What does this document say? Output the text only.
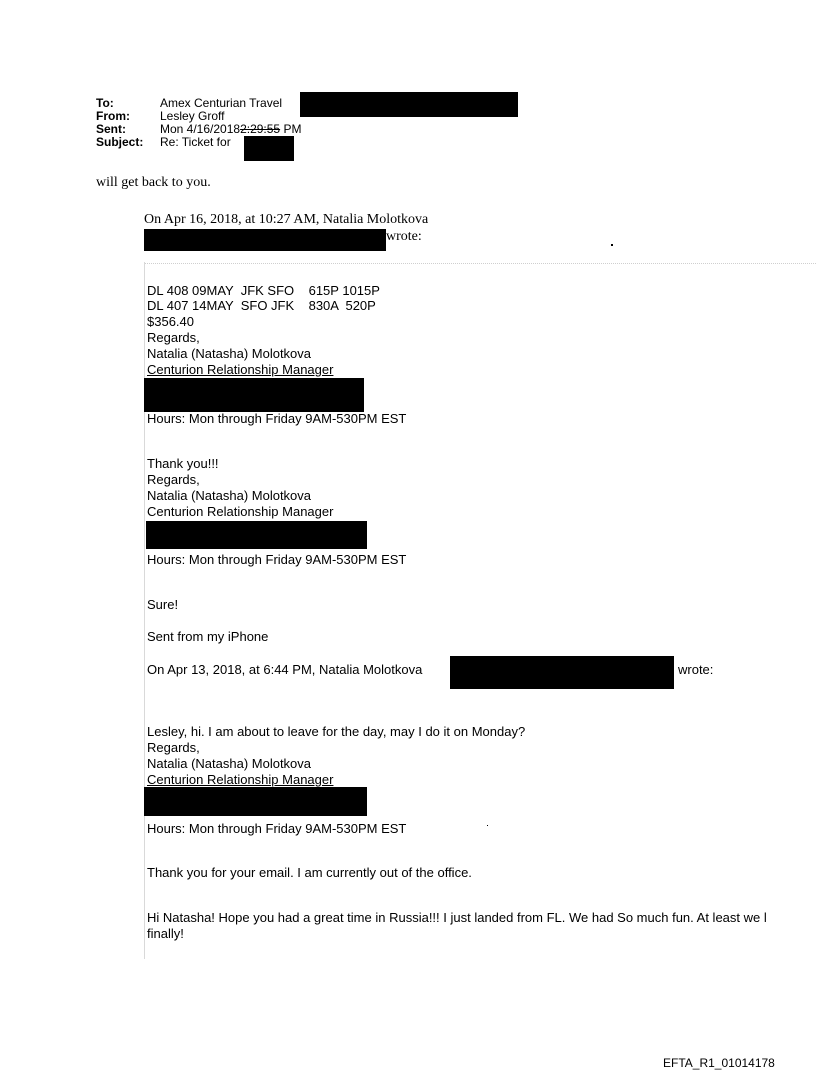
To:	Amex Centurian Travel
From:	Lesley Groff
Sent:	Mon 4/16/20182:29:55 PM
Subject: Re: Ticket for
will get back to you.
On Apr 16, 2018, at 10:27 AM, Natalia Molotkova
wrote:
DL 408 09MAY  JFK SFO    615P 1015P
DL 407 14MAY  SFO JFK    830A  520P
$356.40
Regards,
Natalia (Natasha) Molotkova
Centurion Relationship Manager
Hours: Mon through Friday 9AM-530PM EST
Thank you!!!
Regards,
Natalia (Natasha) Molotkova
Centurion Relationship Manager
Hours: Mon through Friday 9AM-530PM EST
Sure!
Sent from my iPhone
On Apr 13, 2018, at 6:44 PM, Natalia Molotkova	wrote:
Lesley, hi. I am about to leave for the day, may I do it on Monday?
Regards,
Natalia (Natasha) Molotkova
Centurion Relationship Manager
Hours: Mon through Friday 9AM-530PM EST
Thank you for your email. I am currently out of the office.
Hi Natasha! Hope you had a great time in Russia!!! I just landed from FL. We had So much fun. At least we l
finally!
EFTA_R1_01014178
